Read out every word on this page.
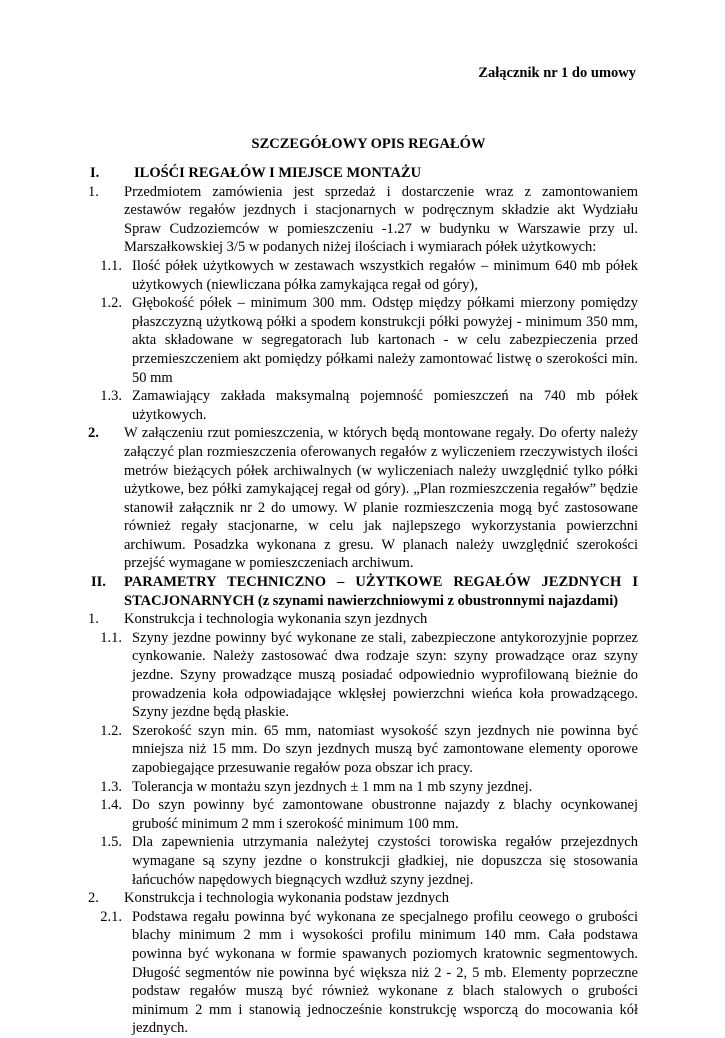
Załącznik nr 1 do umowy
SZCZEGÓŁOWY OPIS REGAŁÓW
I.	ILOŚĆI REGAŁÓW I MIEJSCE MONTAŻU
1. Przedmiotem zamówienia jest sprzedaż i dostarczenie wraz z zamontowaniem zestawów regałów jezdnych i stacjonarnych w podręcznym składzie akt Wydziału Spraw Cudzoziemców w pomieszczeniu -1.27 w budynku w Warszawie przy ul. Marszałkowskiej 3/5 w podanych niżej ilościach i wymiarach półek użytkowych:
1.1. Ilość półek użytkowych w zestawach wszystkich regałów – minimum 640 mb półek użytkowych (niewliczana półka zamykająca regał od góry),
1.2. Głębokość półek – minimum 300 mm. Odstęp między półkami mierzony pomiędzy płaszczyzną użytkową półki a spodem konstrukcji półki powyżej - minimum 350 mm, akta składowane w segregatorach lub kartonach - w celu zabezpieczenia przed przemieszczeniem akt pomiędzy półkami należy zamontować listwę o szerokości min. 50 mm
1.3. Zamawiający zakłada maksymalną pojemność pomieszczeń na 740 mb półek użytkowych.
2. W załączeniu rzut pomieszczenia, w których będą montowane regały. Do oferty należy załączyć plan rozmieszczenia oferowanych regałów z wyliczeniem rzeczywistych ilości metrów bieżących półek archiwalnych (w wyliczeniach należy uwzględnić tylko półki użytkowe, bez półki zamykającej regał od góry). „Plan rozmieszczenia regałów” będzie stanowił załącznik nr 2 do umowy. W planie rozmieszczenia mogą być zastosowane również regały stacjonarne, w celu jak najlepszego wykorzystania powierzchni archiwum. Posadzka wykonana z gresu. W planach należy uwzględnić szerokości przejść wymagane w pomieszczeniach archiwum.
II.	PARAMETRY TECHNICZNO – UŻYTKOWE REGAŁÓW JEZDNYCH I STACJONARNYCH (z szynami nawierzchniowymi z obustronnymi najazdami)
1. Konstrukcja i technologia wykonania szyn jezdnych
1.1. Szyny jezdne powinny być wykonane ze stali, zabezpieczone antykorozyjnie poprzez cynkowanie. Należy zastosować dwa rodzaje szyn: szyny prowadzące oraz szyny jezdne. Szyny prowadzące muszą posiadać odpowiednio wyprofilowaną bieżnie do prowadzenia koła odpowiadające wklęsłej powierzchni wieńca koła prowadzącego. Szyny jezdne będą płaskie.
1.2. Szerokość szyn min. 65 mm, natomiast wysokość szyn jezdnych nie powinna być mniejsza niż 15 mm. Do szyn jezdnych muszą być zamontowane elementy oporowe zapobiegające przesuwanie regałów poza obszar ich pracy.
1.3. Tolerancja w montażu szyn jezdnych ± 1 mm na 1 mb szyny jezdnej.
1.4. Do szyn powinny być zamontowane obustronne najazdy z blachy ocynkowanej grubość minimum 2 mm i szerokość minimum 100 mm.
1.5. Dla zapewnienia utrzymania należytej czystości torowiska regałów przejezdnych wymagane są szyny jezdne o konstrukcji gładkiej, nie dopuszcza się stosowania łańcuchów napędowych biegnących wzdłuż szyny jezdnej.
2. Konstrukcja i technologia wykonania podstaw jezdnych
2.1. Podstawa regału powinna być wykonana ze specjalnego profilu ceowego o grubości blachy minimum 2 mm i wysokości profilu minimum 140 mm. Cała podstawa powinna być wykonana w formie spawanych poziomych kratownic segmentowych. Długość segmentów nie powinna być większa niż 2 - 2, 5 mb. Elementy poprzeczne podstaw regałów muszą być również wykonane z blach stalowych o grubości minimum 2 mm i stanowią jednocześnie konstrukcję wsporczą do mocowania kół jezdnych.
